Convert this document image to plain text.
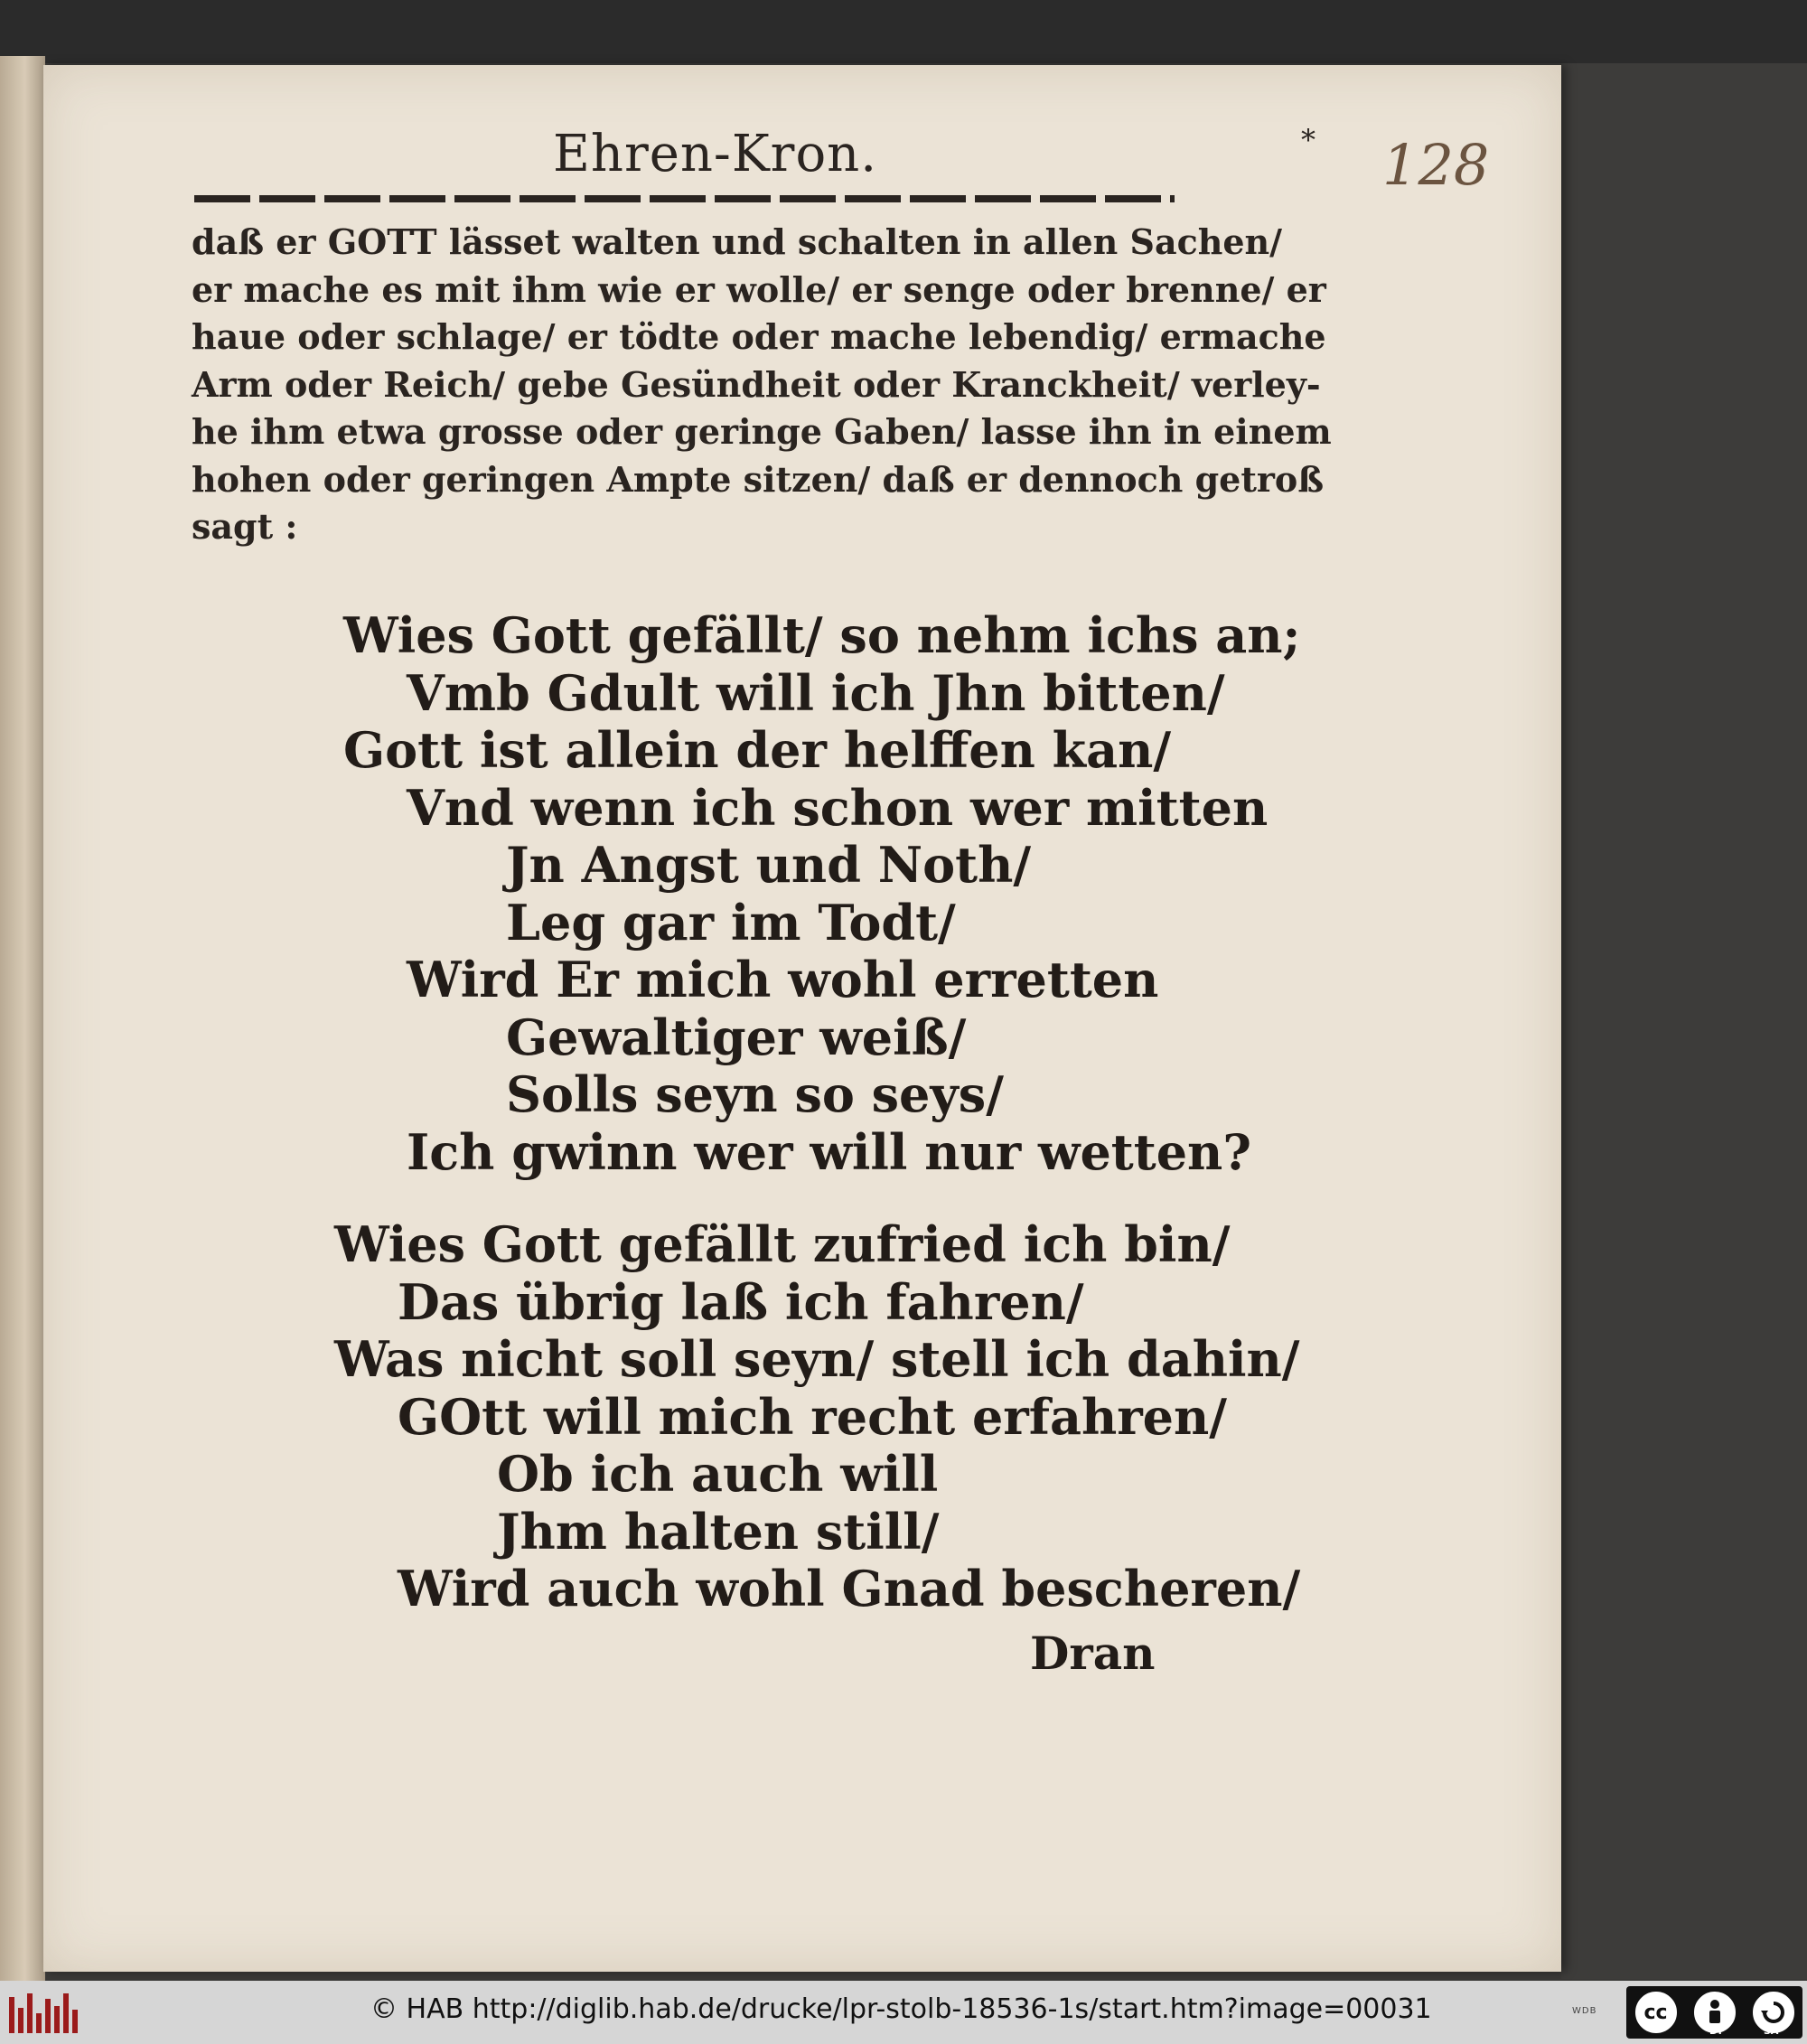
Ehren-Kron.	* 128
daß er GOTT lässet walten und schalten in allen Sachen/
er mache es mit ihm wie er wolle/ er senge oder brenne/ er
haue oder schlage/ er tödte oder mache lebendig/ ermache
Arm oder Reich/ gebe Gesündheit oder Kranckheit/ verley-
he ihm etwa grosse oder geringe Gaben/ lasse ihn in einem
hohen oder geringen Ampte sitzen/ daß er dennoch getroß
sagt :
Wies Gott gefällt/ so nehm ichs an;
Vmb Gdult will ich Jhn bitten/
Gott ist allein der helffen kan/
Vnd wenn ich schon wer mitten
Jn Angst und Noth/
Leg gar im Todt/
Wird Er mich wohl erretten
Gewaltiger weiß/
Solls seyn so seys/
Ich gwinn wer will nur wetten?
Wies Gott gefällt zufried ich bin/
Das übrig laß ich fahren/
Was nicht soll seyn/ stell ich dahin/
GOtt will mich recht erfahren/
Ob ich auch will
Jhm halten still/
Wird auch wohl Gnad bescheren/
Dran
© HAB http://diglib.hab.de/drucke/lpr-stolb-18536-1s/start.htm?image=00031	WDB	cc
BY	SA
